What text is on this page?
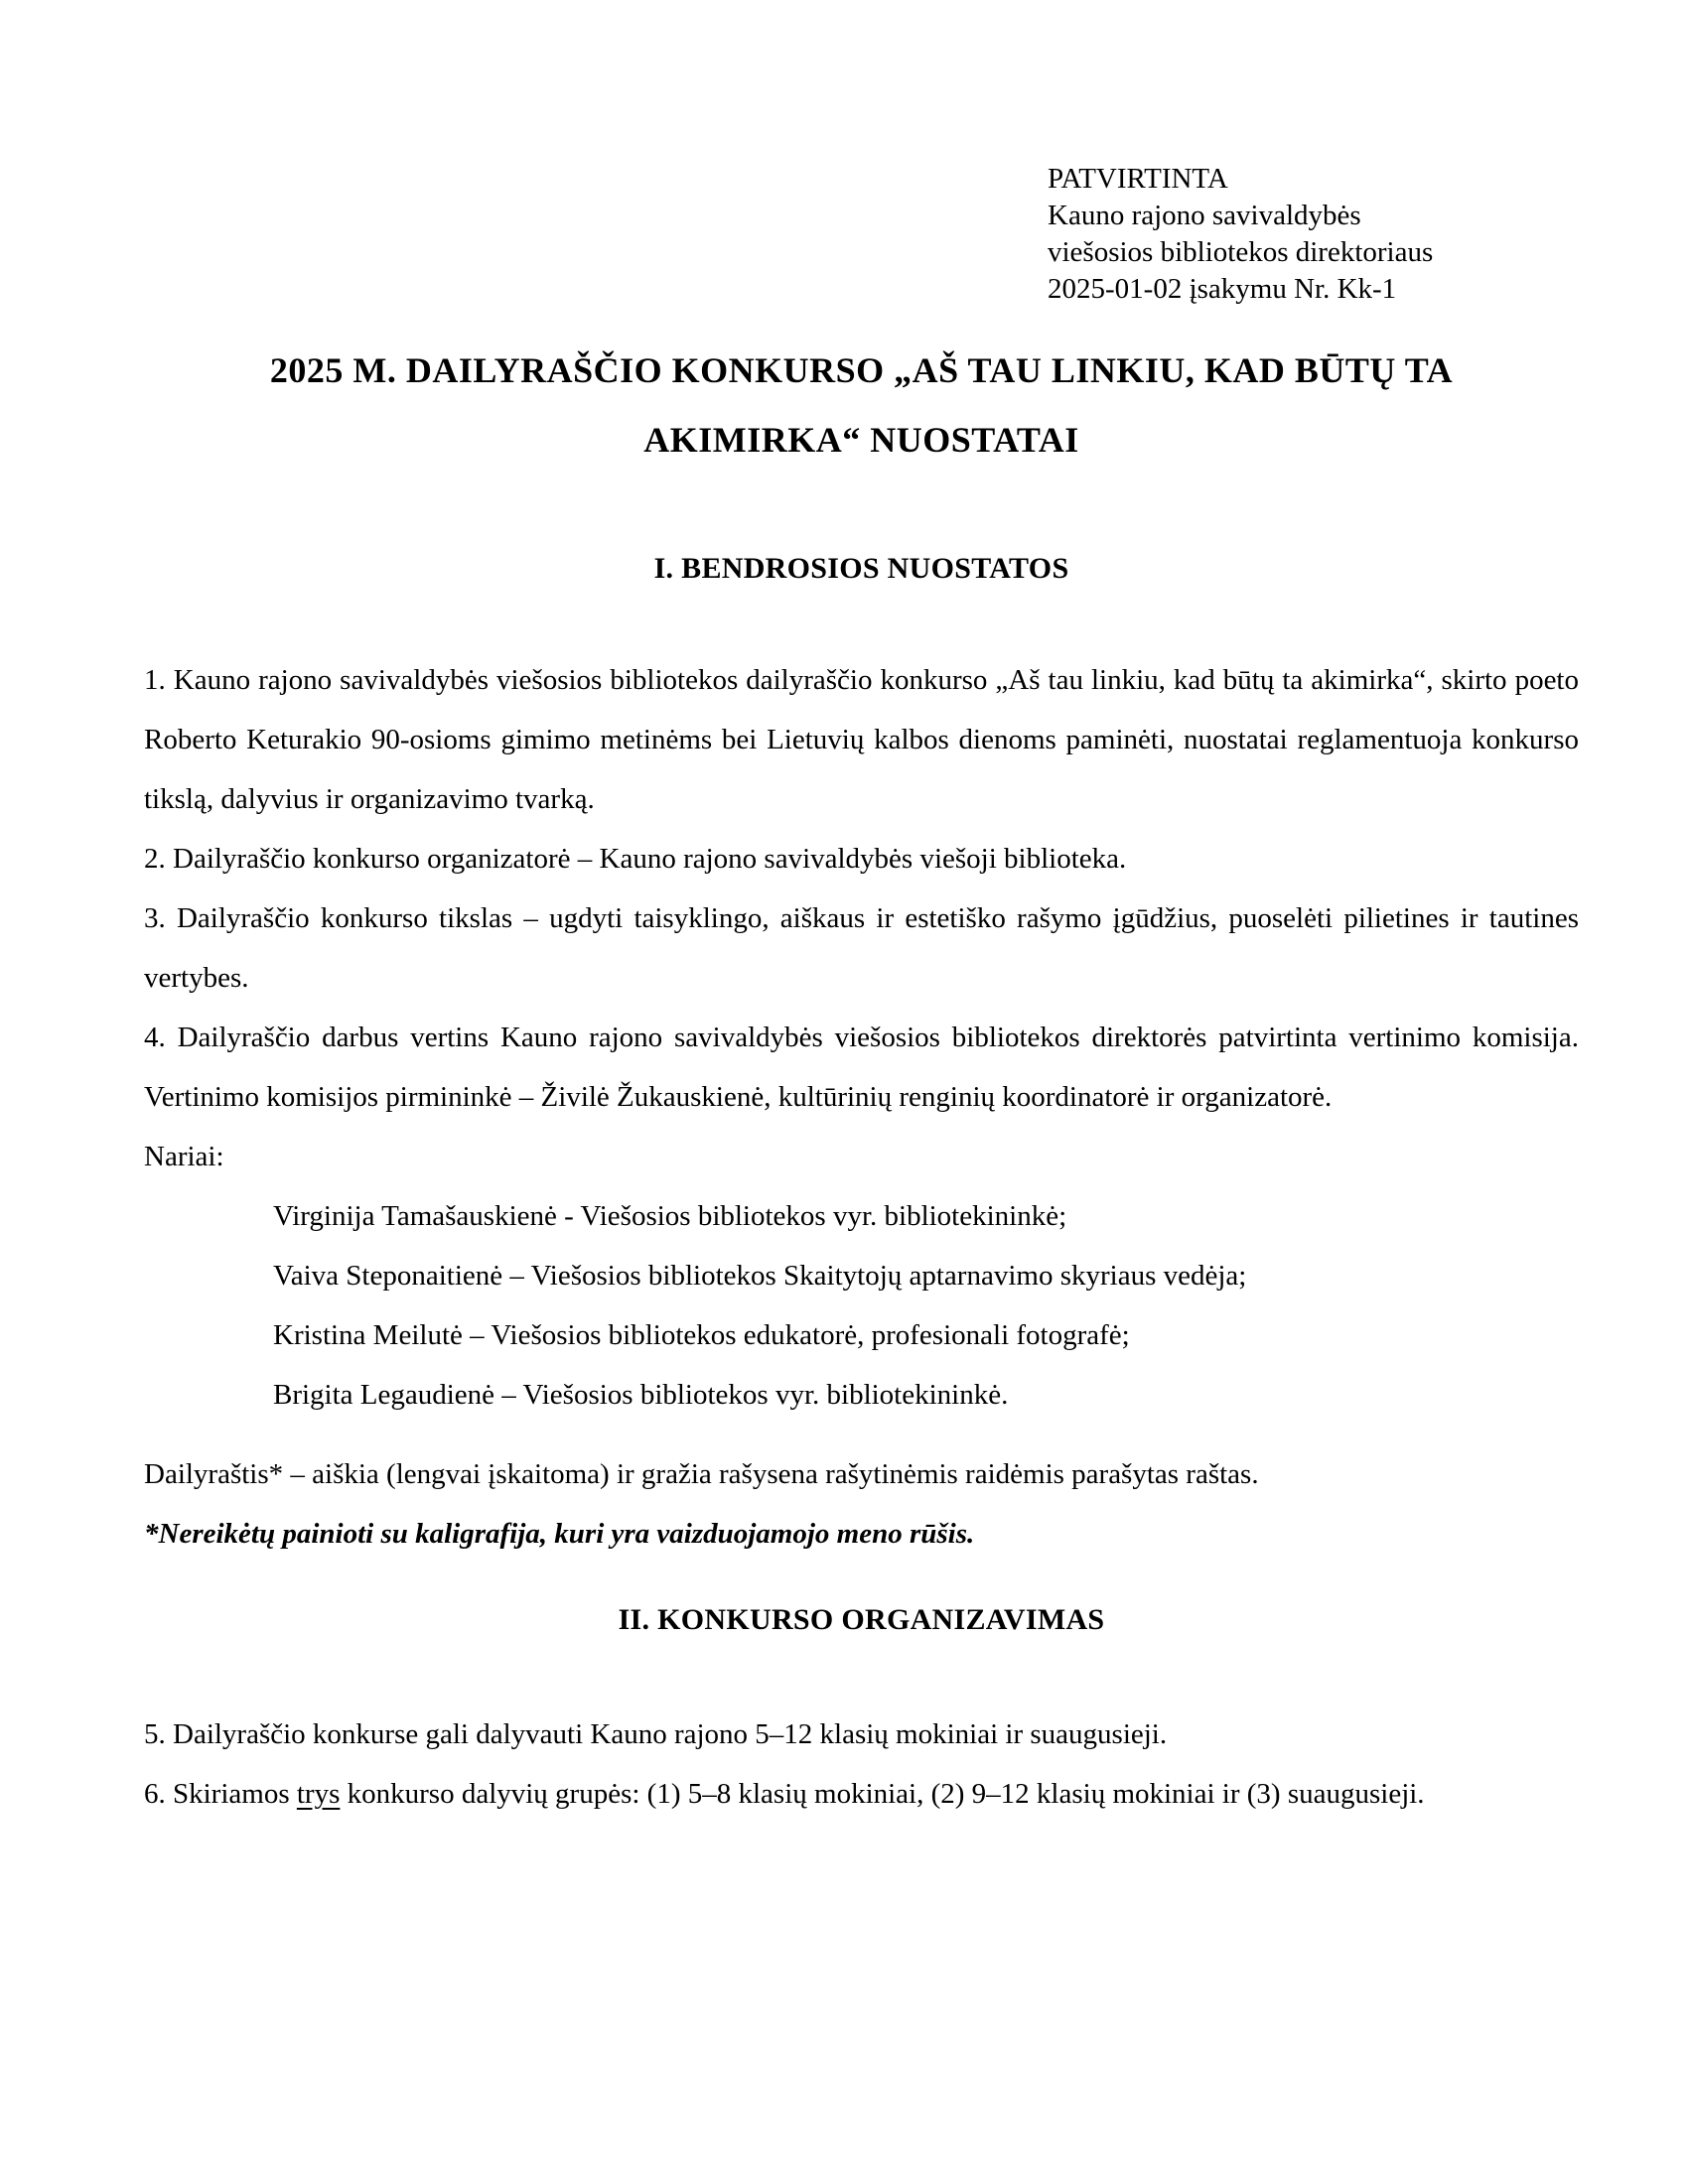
PATVIRTINTA
Kauno rajono savivaldybės
viešosios bibliotekos direktoriaus
2025-01-02 įsakymu Nr. Kk-1
2025 M. DAILYRAŠČIO KONKURSO „AŠ TAU LINKIU, KAD BŪTŲ TA
AKIMIRKA“ NUOSTATAI
I. BENDROSIOS NUOSTATOS

1. Kauno rajono savivaldybės viešosios bibliotekos dailyraščio konkurso „Aš tau linkiu, kad būtų ta akimirka“, skirto poeto Roberto Keturakio 90-osioms gimimo metinėms bei Lietuvių kalbos dienoms paminėti, nuostatai reglamentuoja konkurso tikslą, dalyvius ir organizavimo tvarką.

2. Dailyraščio konkurso organizatorė – Kauno rajono savivaldybės viešoji biblioteka.

3. Dailyraščio konkurso tikslas – ugdyti taisyklingo, aiškaus ir estetiško rašymo įgūdžius, puoselėti pilietines ir tautines vertybes.

4. Dailyraščio darbus vertins Kauno rajono savivaldybės viešosios bibliotekos direktorės patvirtinta vertinimo komisija. Vertinimo komisijos pirmininkė – Živilė Žukauskienė, kultūrinių renginių koordinatorė ir organizatorė.

Nariai:

Virginija Tamašauskienė - Viešosios bibliotekos vyr. bibliotekininkė;

Vaiva Steponaitienė – Viešosios bibliotekos Skaitytojų aptarnavimo skyriaus vedėja;

Kristina Meilutė – Viešosios bibliotekos edukatorė, profesionali fotografė;

Brigita Legaudienė – Viešosios bibliotekos vyr. bibliotekininkė.

Dailyraštis* – aiškia (lengvai įskaitoma) ir gražia rašysena rašytinėmis raidėmis parašytas raštas.

*Nereikėtų painioti su kaligrafija, kuri yra vaizduojamojo meno rūšis.

II. KONKURSO ORGANIZAVIMAS

5. Dailyraščio konkurse gali dalyvauti Kauno rajono 5–12 klasių mokiniai ir suaugusieji.

6. Skiriamos trys konkurso dalyvių grupės: (1) 5–8 klasių mokiniai, (2) 9–12 klasių mokiniai ir (3) suaugusieji.
